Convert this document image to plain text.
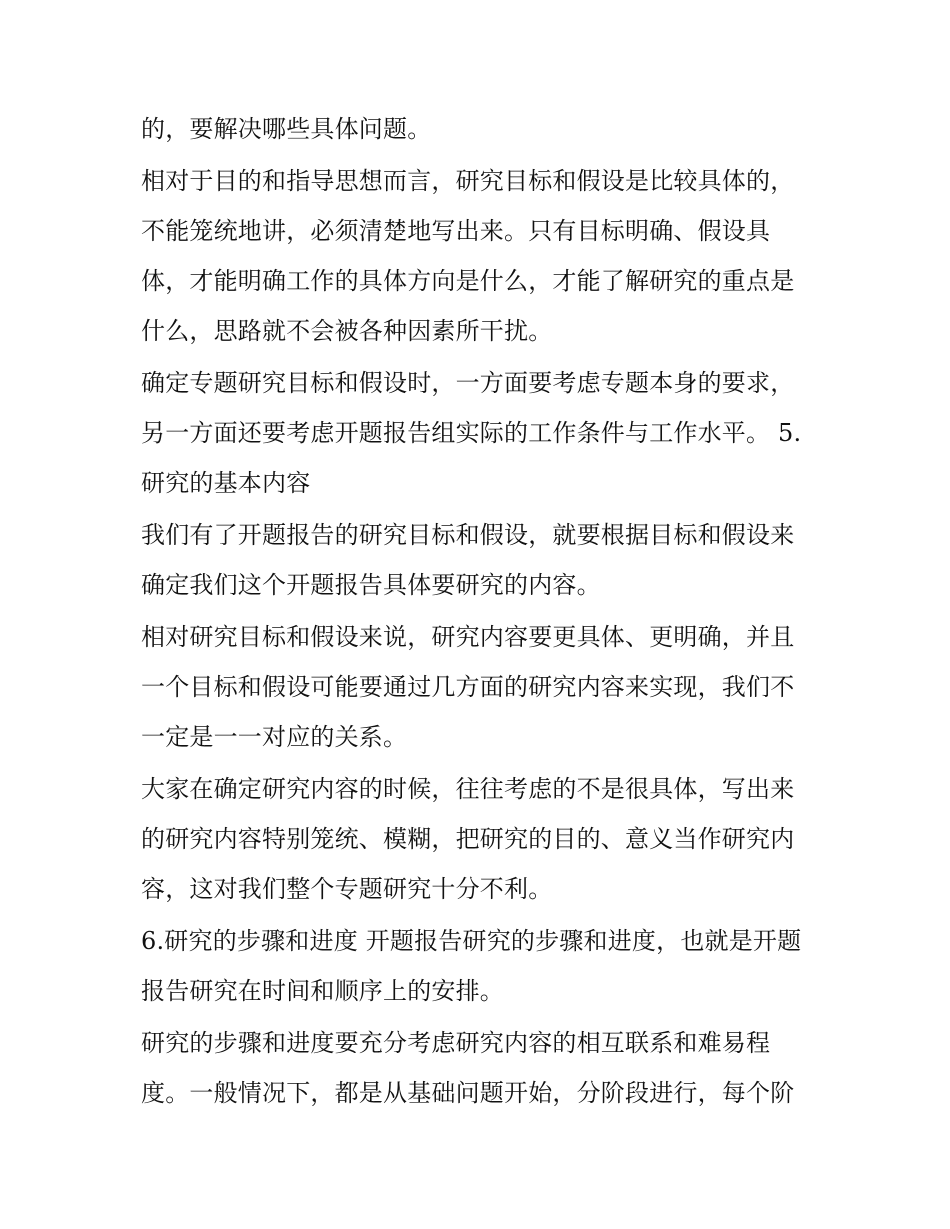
的，要解决哪些具体问题。
相对于目的和指导思想而言，研究目标和假设是比较具体的，
不能笼统地讲，必须清楚地写出来。只有目标明确、假设具
体，才能明确工作的具体方向是什么，才能了解研究的重点是
什么，思路就不会被各种因素所干扰。
确定专题研究目标和假设时，一方面要考虑专题本身的要求，
另一方面还要考虑开题报告组实际的工作条件与工作水平。 5.
研究的基本内容
我们有了开题报告的研究目标和假设，就要根据目标和假设来
确定我们这个开题报告具体要研究的内容。
相对研究目标和假设来说，研究内容要更具体、更明确，并且
一个目标和假设可能要通过几方面的研究内容来实现，我们不
一定是一一对应的关系。
大家在确定研究内容的时候，往往考虑的不是很具体，写出来
的研究内容特别笼统、模糊，把研究的目的、意义当作研究内
容，这对我们整个专题研究十分不利。
6.研究的步骤和进度 开题报告研究的步骤和进度，也就是开题
报告研究在时间和顺序上的安排。
研究的步骤和进度要充分考虑研究内容的相互联系和难易程
度。一般情况下，都是从基础问题开始，分阶段进行，每个阶
